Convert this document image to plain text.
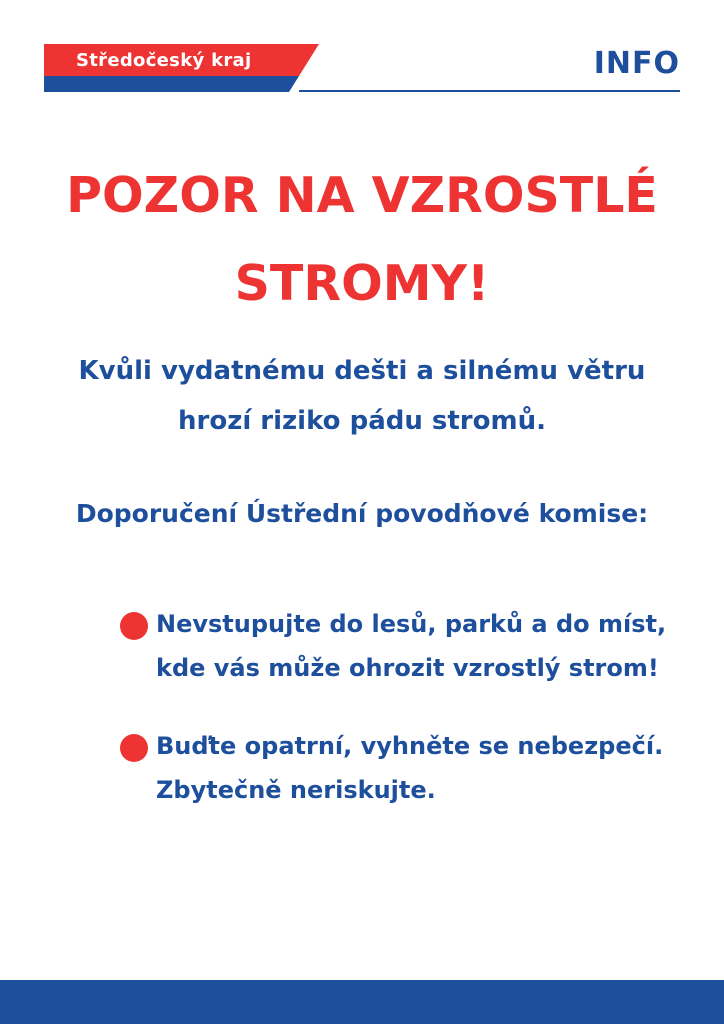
Středočeský kraj	INFO
POZOR NA VZROSTLÉ
STROMY!
Kvůli vydatnému dešti a silnému větru
hrozí riziko pádu stromů.
Doporučení Ústřední povodňové komise:
Nevstupujte do lesů, parků a do míst,
kde vás může ohrozit vzrostlý strom!
Buďte opatrní, vyhněte se nebezpečí.
Zbytečně neriskujte.
